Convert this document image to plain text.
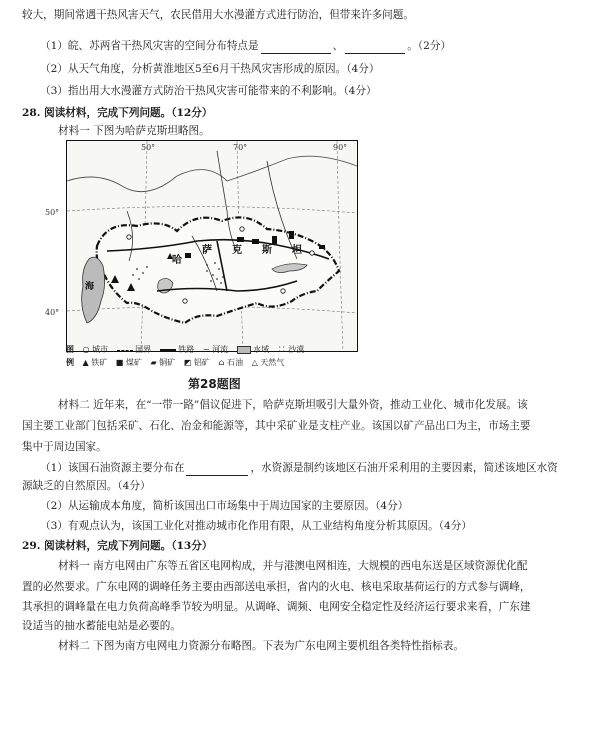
较大，期间常遇干热风害天气，农民借用大水漫灌方式进行防治，但带来许多问题。
（1）皖、苏两省干热风灾害的空间分布特点是	、	。（2分）
（2）从天气角度，分析黄淮地区5至6月干热风灾害形成的原因。（4分）
（3）指出用大水漫灌方式防治干热风灾害可能带来的不利影响。（4分）
28. 阅读材料，完成下列问题。（12分）
材料一 下图为哈萨克斯坦略图。
50°	70°	90°
50°
40°
哈
萨 克 斯 坦
海
图 ○ 城市	国界	铁路 ~ 河流	水域 ∷ 沙漠
例 ▲ 铁矿 ■ 煤矿 ▰ 铜矿 ◩ 铝矿 ⌂ 石油 △ 天然气
第28题图
材料二 近年来，在“一带一路”倡议促进下，哈萨克斯坦吸引大量外资，推动工业化、城市化发展。该
国主要工业部门包括采矿、石化、冶金和能源等，其中采矿业是支柱产业。该国以矿产品出口为主，市场主要
集中于周边国家。
（1）该国石油资源主要分布在	，水资源是制约该地区石油开采利用的主要因素，简述该地区水资
源缺乏的自然原因。（4分）
（2）从运输成本角度，简析该国出口市场集中于周边国家的主要原因。（4分）
（3）有观点认为，该国工业化对推动城市化作用有限，从工业结构角度分析其原因。（4分）
29. 阅读材料，完成下列问题。（13分）
材料一 南方电网由广东等五省区电网构成，并与港澳电网相连，大规模的西电东送是区域资源优化配
置的必然要求。广东电网的调峰任务主要由西部送电承担，省内的火电、核电采取基荷运行的方式参与调峰，
其承担的调峰量在电力负荷高峰季节较为明显。从调峰、调频、电网安全稳定性及经济运行要求来看，广东建
设适当的抽水蓄能电站是必要的。
材料二 下图为南方电网电力资源分布略图。下表为广东电网主要机组各类特性指标表。
